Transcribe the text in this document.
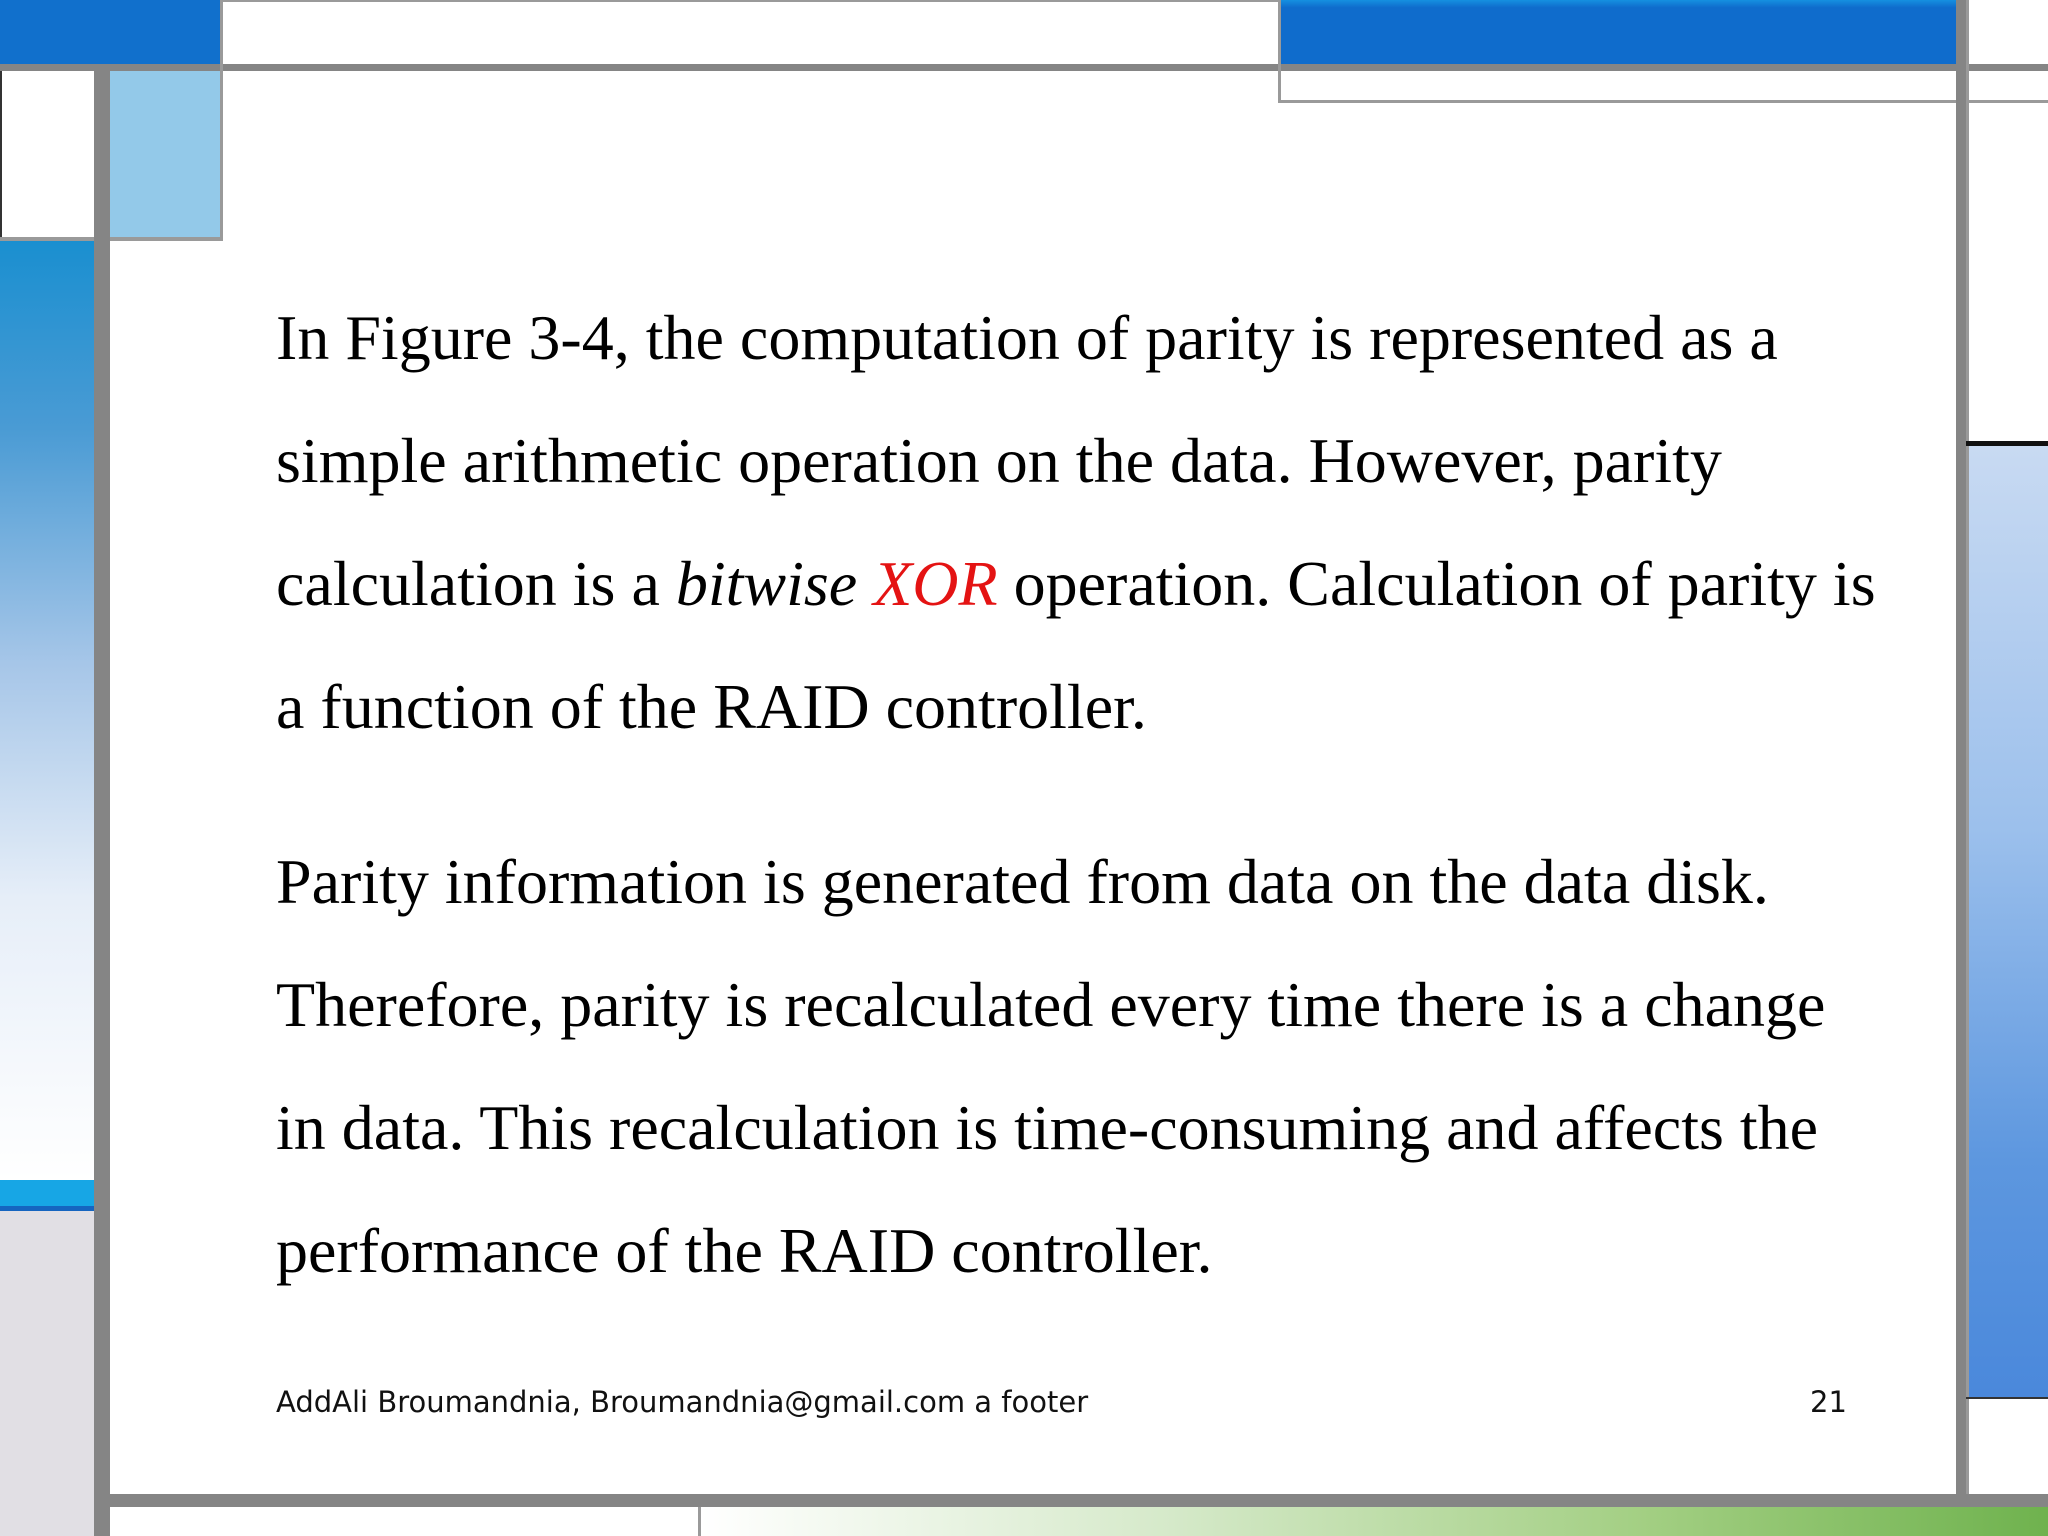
In Figure 3-4, the computation of parity is represented as a simple arithmetic operation on the data. However, parity calculation is a bitwise XOR operation. Calculation of parity is a function of the RAID controller.

Parity information is generated from data on the data disk. Therefore, parity is recalculated every time there is a change in data. This recalculation is time-consuming and affects the performance of the RAID controller.

AddAli Broumandnia, Broumandnia@gmail.com a footer	21
